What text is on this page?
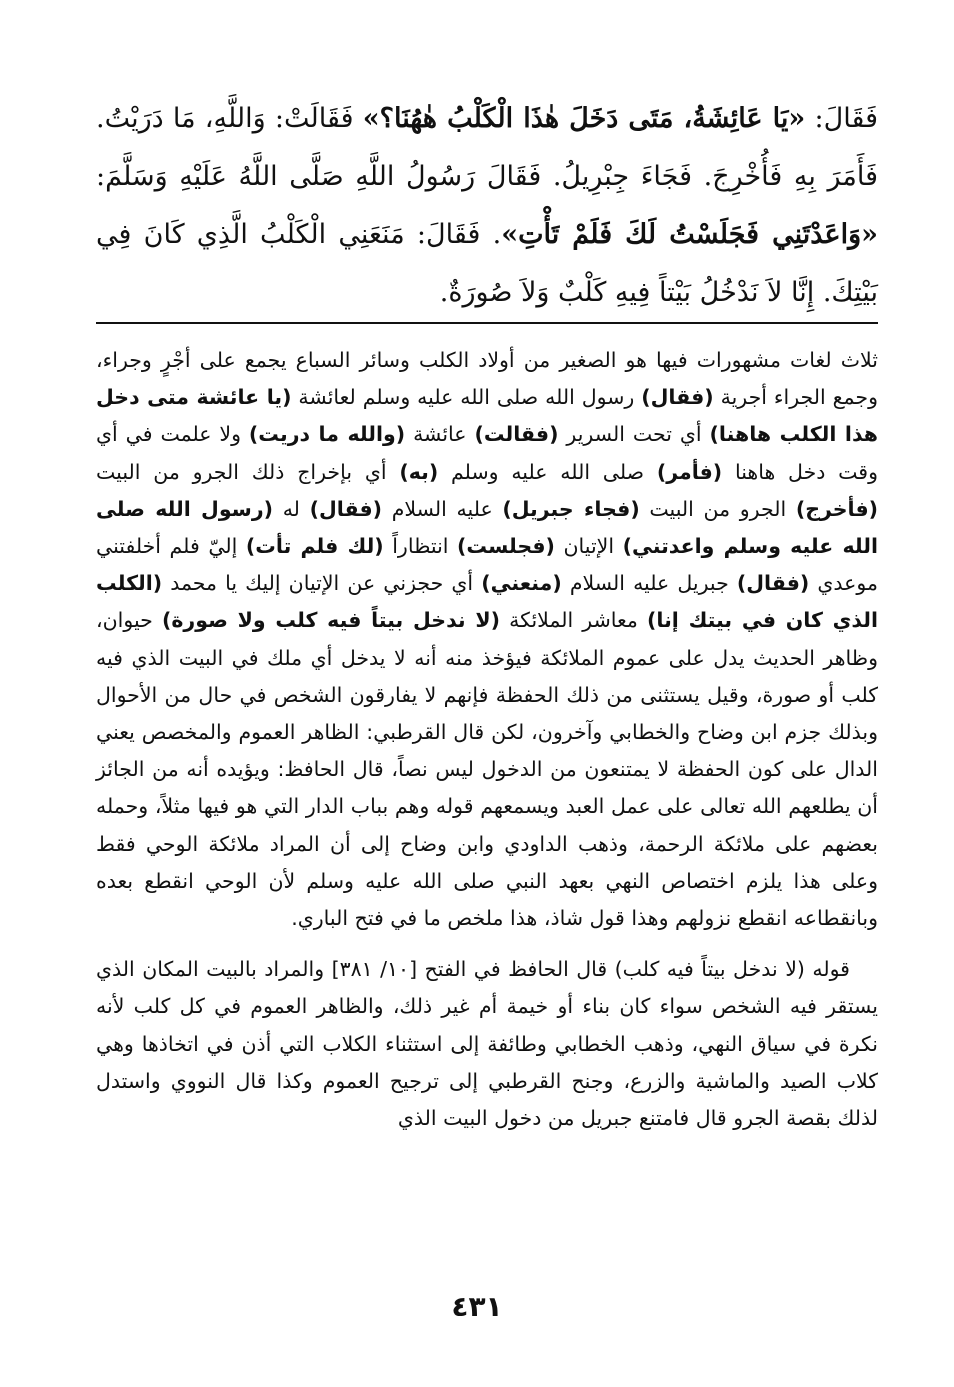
فَقَالَ: «يَا عَائِشَةُ، مَتَى دَخَلَ هٰذَا الْكَلْبُ هٰهُنَا؟» فَقَالَتْ: وَاللَّهِ، مَا دَرَيْتُ. فَأَمَرَ بِهِ فَأُخْرِجَ. فَجَاءَ جِبْرِيلُ. فَقَالَ رَسُولُ اللَّهِ صَلَّى اللَّهُ عَلَيْهِ وَسَلَّمَ: «وَاعَدْتَنِي فَجَلَسْتُ لَكَ فَلَمْ تَأْتِ». فَقَالَ: مَنَعَنِي الْكَلْبُ الَّذِي كَانَ فِي بَيْتِكَ. إِنَّا لاَ نَدْخُلُ بَيْتاً فِيهِ كَلْبٌ وَلاَ صُورَةٌ.

ثلاث لغات مشهورات فيها هو الصغير من أولاد الكلب وسائر السباع يجمع على أجْرٍ وجراء، وجمع الجراء أجرية (فقال) رسول الله صلى الله عليه وسلم لعائشة (يا عائشة متى دخل هذا الكلب هاهنا) أي تحت السرير (فقالت) عائشة (والله ما دريت) ولا علمت في أي وقت دخل هاهنا (فأمر) صلى الله عليه وسلم (به) أي بإخراج ذلك الجرو من البيت (فأخرج) الجرو من البيت (فجاء جبريل) عليه السلام (فقال) له (رسول الله صلى الله عليه وسلم واعدتني) الإتيان (فجلست) انتظاراً (لك فلم تأت) إليّ فلم أخلفتني موعدي (فقال) جبريل عليه السلام (منعني) أي حجزني عن الإتيان إليك يا محمد (الكلب الذي كان في بيتك إنا) معاشر الملائكة (لا ندخل بيتاً فيه كلب ولا صورة) حيوان، وظاهر الحديث يدل على عموم الملائكة فيؤخذ منه أنه لا يدخل أي ملك في البيت الذي فيه كلب أو صورة، وقيل يستثنى من ذلك الحفظة فإنهم لا يفارقون الشخص في حال من الأحوال وبذلك جزم ابن وضاح والخطابي وآخرون، لكن قال القرطبي: الظاهر العموم والمخصص يعني الدال على كون الحفظة لا يمتنعون من الدخول ليس نصاً، قال الحافظ: ويؤيده أنه من الجائز أن يطلعهم الله تعالى على عمل العبد ويسمعهم قوله وهم بباب الدار التي هو فيها مثلاً، وحمله بعضهم على ملائكة الرحمة، وذهب الداودي وابن وضاح إلى أن المراد ملائكة الوحي فقط وعلى هذا يلزم اختصاص النهي بعهد النبي صلى الله عليه وسلم لأن الوحي انقطع بعده وبانقطاعه انقطع نزولهم وهذا قول شاذ، هذا ملخص ما في فتح الباري.

قوله (لا ندخل بيتاً فيه كلب) قال الحافظ في الفتح [١٠/ ٣٨١] والمراد بالبيت المكان الذي يستقر فيه الشخص سواء كان بناء أو خيمة أم غير ذلك، والظاهر العموم في كل كلب لأنه نكرة في سياق النهي، وذهب الخطابي وطائفة إلى استثناء الكلاب التي أذن في اتخاذها وهي كلاب الصيد والماشية والزرع، وجنح القرطبي إلى ترجيح العموم وكذا قال النووي واستدل لذلك بقصة الجرو قال فامتنع جبريل من دخول البيت الذي

٤٣١
